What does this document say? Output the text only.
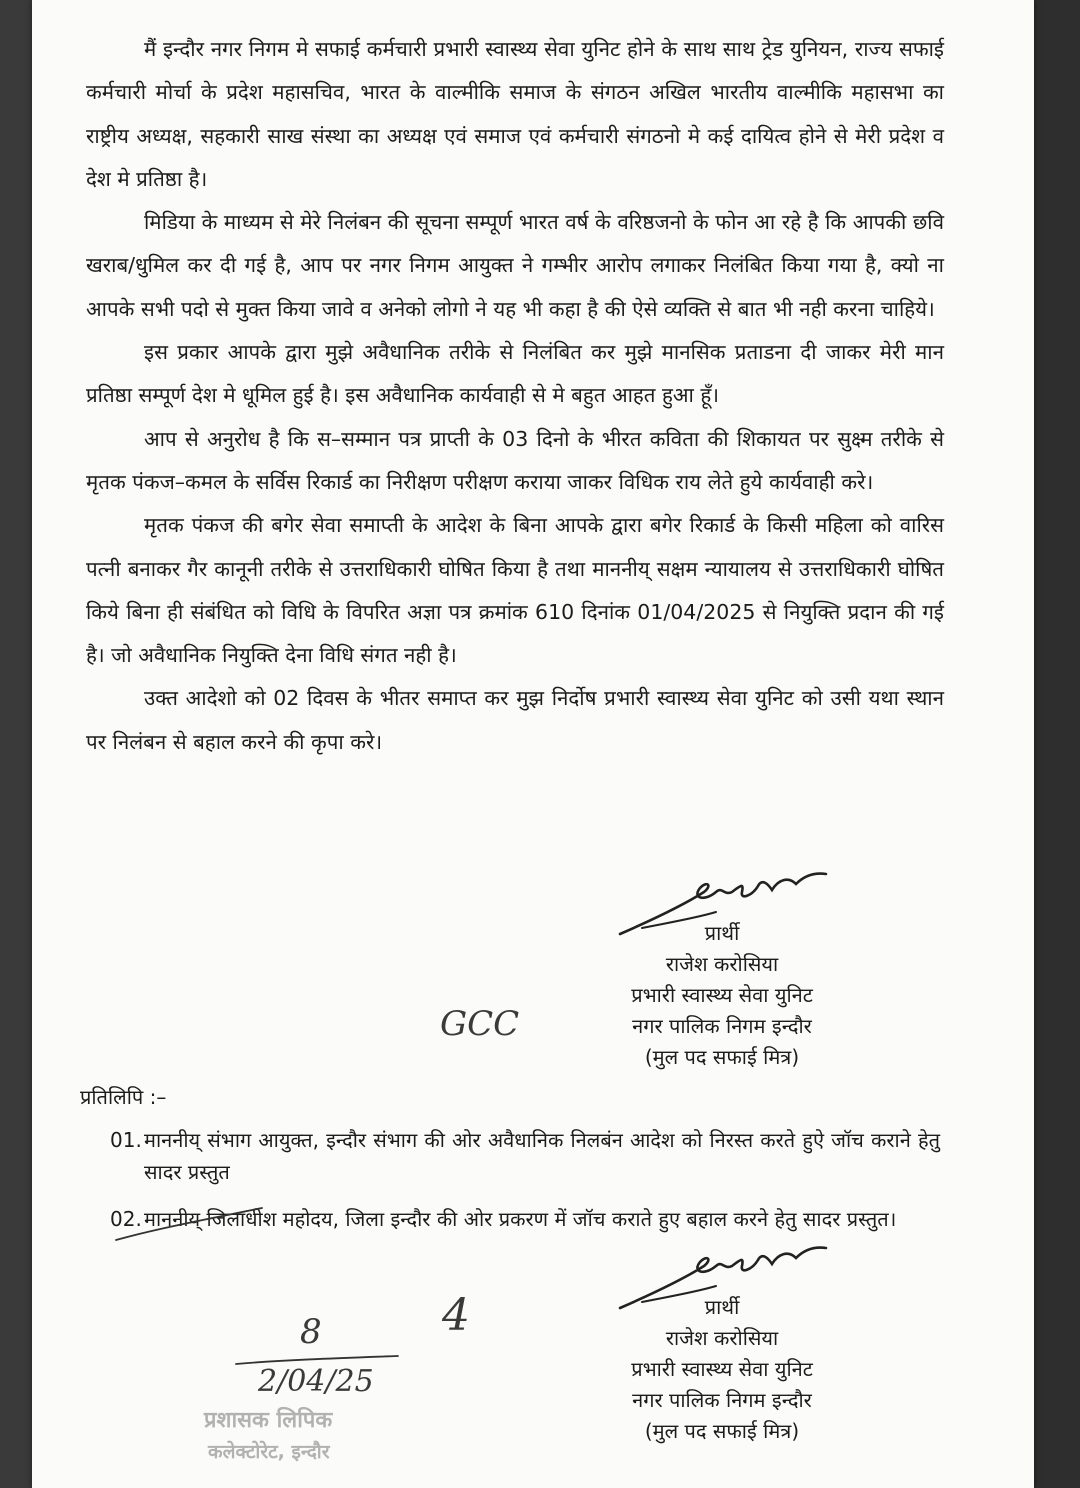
मैं इन्दौर नगर निगम मे सफाई कर्मचारी प्रभारी स्वास्थ्य सेवा युनिट होने के साथ साथ ट्रेड युनियन, राज्य सफाई कर्मचारी मोर्चा के प्रदेश महासचिव, भारत के वाल्मीकि समाज के संगठन अखिल भारतीय वाल्मीकि महासभा का राष्ट्रीय अध्यक्ष, सहकारी साख संस्था का अध्यक्ष एवं समाज एवं कर्मचारी संगठनो मे कई दायित्व होने से मेरी प्रदेश व देश मे प्रतिष्ठा है।

मिडिया के माध्यम से मेरे निलंबन की सूचना सम्पूर्ण भारत वर्ष के वरिष्ठजनो के फोन आ रहे है कि आपकी छवि खराब/धुमिल कर दी गई है, आप पर नगर निगम आयुक्त ने गम्भीर आरोप लगाकर निलंबित किया गया है, क्यो ना आपके सभी पदो से मुक्त किया जावे व अनेको लोगो ने यह भी कहा है की ऐसे व्यक्ति से बात भी नही करना चाहिये।

इस प्रकार आपके द्वारा मुझे अवैधानिक तरीके से निलंबित कर मुझे मानसिक प्रताडना दी जाकर मेरी मान प्रतिष्ठा सम्पूर्ण देश मे धूमिल हुई है। इस अवैधानिक कार्यवाही से मे बहुत आहत हुआ हूँ।

आप से अनुरोध है कि स–सम्मान पत्र प्राप्ती के 03 दिनो के भीरत कविता की शिकायत पर सुक्ष्म तरीके से मृतक पंकज–कमल के सर्विस रिकार्ड का निरीक्षण परीक्षण कराया जाकर विधिक राय लेते हुये कार्यवाही करे।

मृतक पंकज की बगेर सेवा समाप्ती के आदेश के बिना आपके द्वारा बगेर रिकार्ड के किसी महिला को वारिस पत्नी बनाकर गैर कानूनी तरीके से उत्तराधिकारी घोषित किया है तथा माननीय् सक्षम न्यायालय से उत्तराधिकारी घोषित किये बिना ही संबंधित को विधि के विपरित अज्ञा पत्र क्रमांक 610 दिनांक 01/04/2025 से नियुक्ति प्रदान की गई है। जो अवैधानिक नियुक्ति देना विधि संगत नही है।

उक्त आदेशो को 02 दिवस के भीतर समाप्त कर मुझ निर्दोष प्रभारी स्वास्थ्य सेवा युनिट को उसी यथा स्थान पर निलंबन से बहाल करने की कृपा करे।

प्रार्थी
राजेश करोसिया
प्रभारी स्वास्थ्य सेवा युनिट
नगर पालिक निगम इन्दौर
(मुल पद सफाई मित्र)
GCC
प्रतिलिपि :–
01. माननीय् संभाग आयुक्त, इन्दौर संभाग की ओर अवैधानिक निलबंन आदेश को निरस्त करते हुऐ जॉच कराने हेतु सादर प्रस्तुत
02. माननीय् जिलाधीश महोदय, जिला इन्दौर की ओर प्रकरण में जॉच कराते हुए बहाल करने हेतु सादर प्रस्तुत।
प्रार्थी
राजेश करोसिया
प्रभारी स्वास्थ्य सेवा युनिट
नगर पालिक निगम इन्दौर
(मुल पद सफाई मित्र)
4
8
2/04/25
प्रशासक लिपिक
कलेक्टोरेट, इन्दौर
